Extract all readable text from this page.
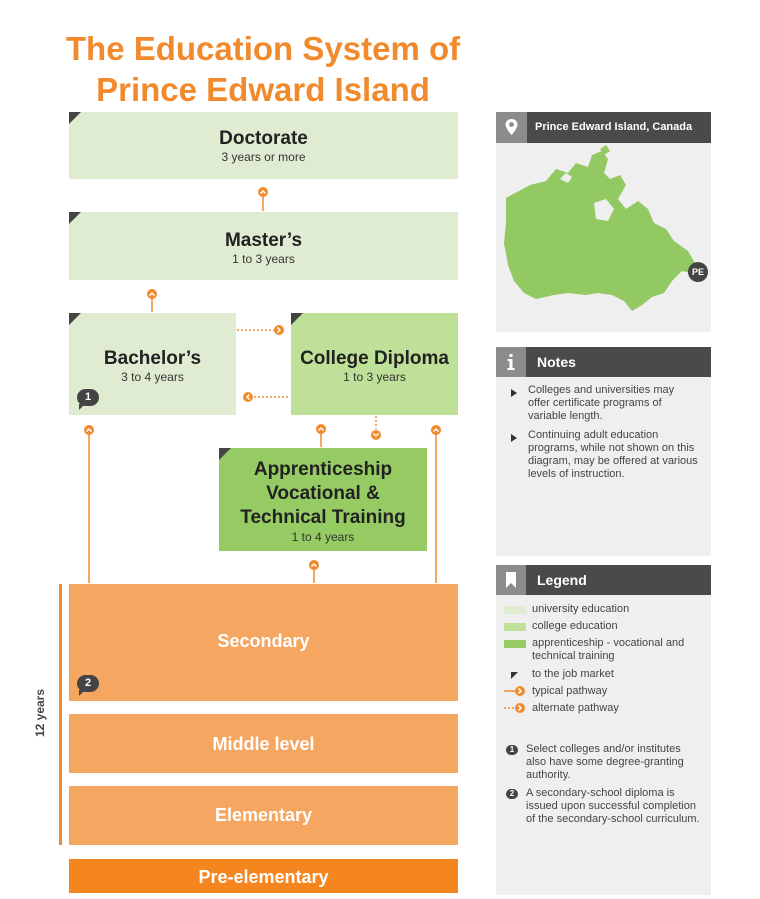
The Education System of
Prince Edward Island
Doctorate
3 years or more
Master’s
1 to 3 years
Bachelor’s
3 to 4 years
1
College Diploma
1 to 3 years
Apprenticeship
Vocational &
Technical Training
1 to 4 years
Secondary
2
Middle level
Elementary
Pre-elementary
12 years
Prince Edward Island, Canada
PE
Notes
Colleges and universities may offer certificate programs of variable length.
Continuing adult education programs, while not shown on this diagram, may be offered at various levels of instruction.
Legend
university education
college education
apprenticeship - vocational and technical training
to the job market
typical pathway
alternate pathway
1	Select colleges and/or institutes also have some degree-granting authority.
2	A secondary-school diploma is issued upon successful completion of the secondary-school curriculum.
